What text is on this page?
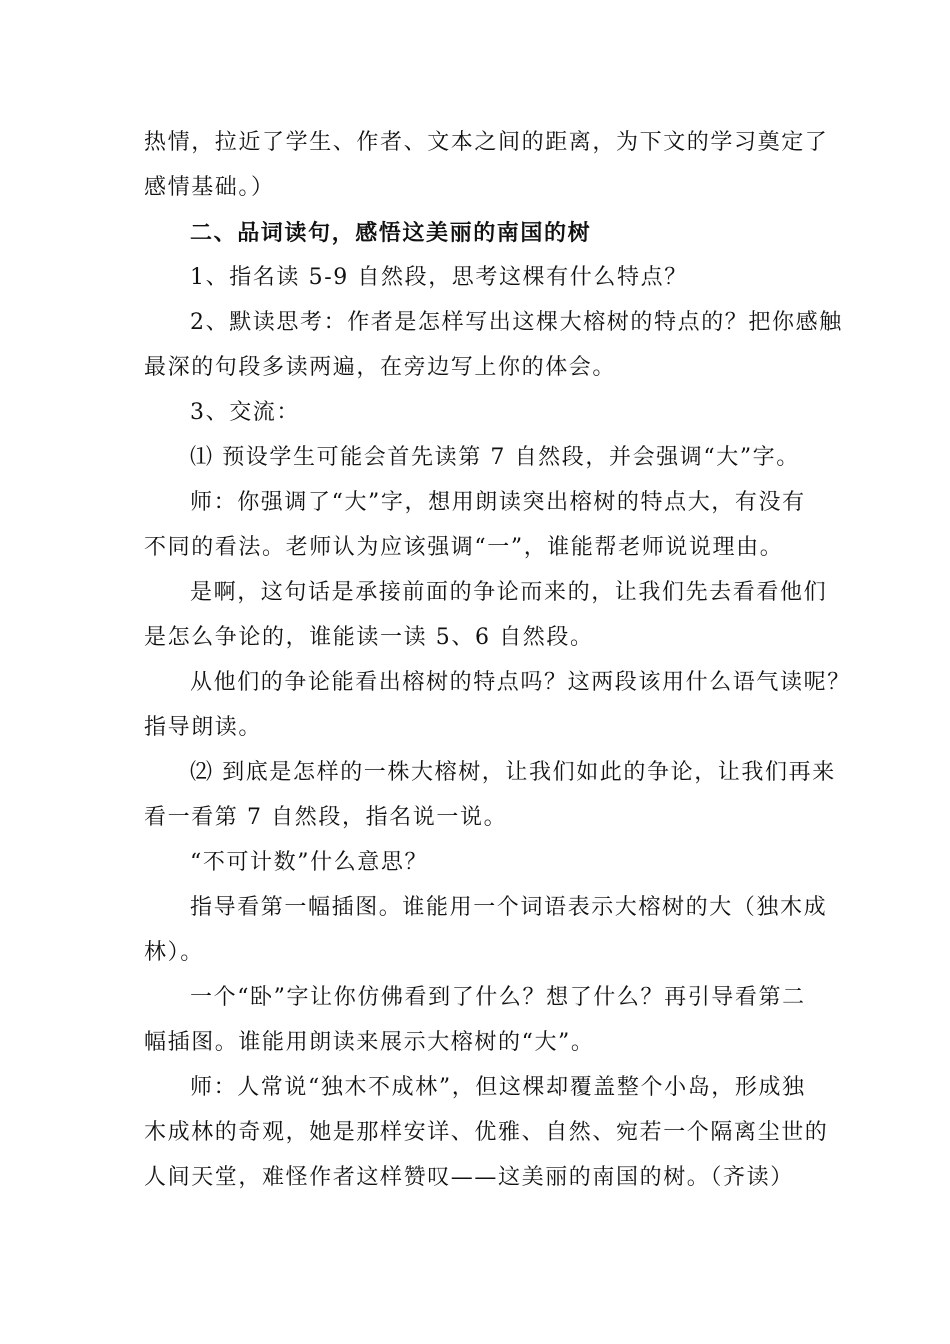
热情，拉近了学生、作者、文本之间的距离，为下文的学习奠定了
感情基础。）
二、品词读句，感悟这美丽的南国的树
1、指名读 5-9 自然段，思考这棵有什么特点？
2、默读思考：作者是怎样写出这棵大榕树的特点的？把你感触
最深的句段多读两遍，在旁边写上你的体会。
3、交流：
⑴ 预设学生可能会首先读第 7 自然段，并会强调“大”字。
师：你强调了“大”字，想用朗读突出榕树的特点大，有没有
不同的看法。老师认为应该强调“一”，谁能帮老师说说理由。
是啊，这句话是承接前面的争论而来的，让我们先去看看他们
是怎么争论的，谁能读一读 5、6 自然段。
从他们的争论能看出榕树的特点吗？这两段该用什么语气读呢？
指导朗读。
⑵ 到底是怎样的一株大榕树，让我们如此的争论，让我们再来
看一看第 7 自然段，指名说一说。
“不可计数”什么意思？
指导看第一幅插图。谁能用一个词语表示大榕树的大（独木成
林）。
一个“卧”字让你仿佛看到了什么？想了什么？再引导看第二
幅插图。谁能用朗读来展示大榕树的“大”。
师：人常说“独木不成林”，但这棵却覆盖整个小岛，形成独
木成林的奇观，她是那样安详、优雅、自然、宛若一个隔离尘世的
人间天堂，难怪作者这样赞叹——这美丽的南国的树。（齐读）
